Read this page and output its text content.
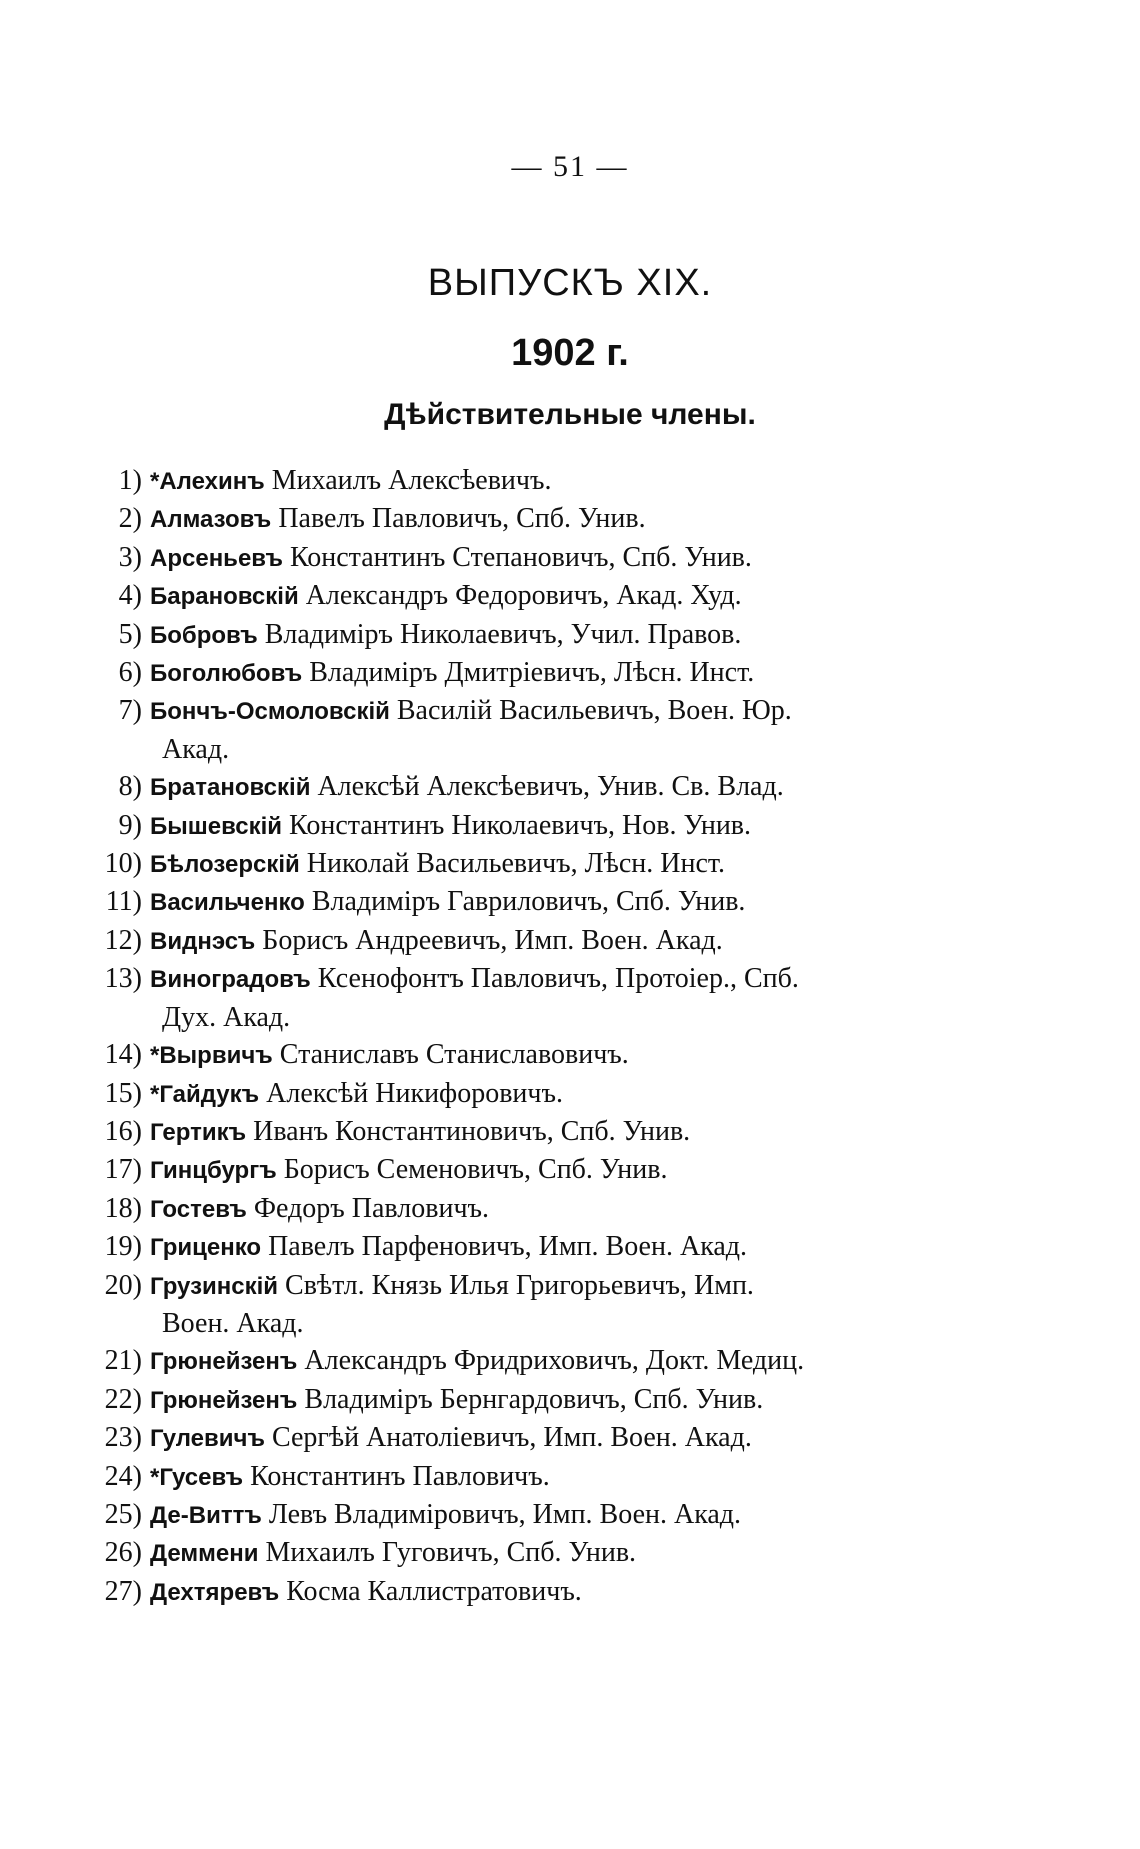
— 51 —
ВЫПУСКЪ XIX.
1902 г.
Дѣйствительные члены.
1) *Алехинъ Михаилъ Алексѣевичъ.
2) Алмазовъ Павелъ Павловичъ, Спб. Унив.
3) Арсеньевъ Константинъ Степановичъ, Спб. Унив.
4) Барановскій Александръ Федоровичъ, Акад. Худ.
5) Бобровъ Владиміръ Николаевичъ, Учил. Правов.
6) Боголюбовъ Владиміръ Дмитріевичъ, Лѣсн. Инст.
7) Бончъ-Осмоловскій Василій Васильевичъ, Воен. Юр.
Акад.
8) Братановскій Алексѣй Алексѣевичъ, Унив. Св. Влад.
9) Бышевскій Константинъ Николаевичъ, Нов. Унив.
10) Бѣлозерскій Николай Васильевичъ, Лѣсн. Инст.
11) Васильченко Владиміръ Гавриловичъ, Спб. Унив.
12) Виднэсъ Борисъ Андреевичъ, Имп. Воен. Акад.
13) Виноградовъ Ксенофонтъ Павловичъ, Протоіер., Спб.
Дух. Акад.
14) *Вырвичъ Станиславъ Станиславовичъ.
15) *Гайдукъ Алексѣй Никифоровичъ.
16) Гертикъ Иванъ Константиновичъ, Спб. Унив.
17) Гинцбургъ Борисъ Семеновичъ, Спб. Унив.
18) Гостевъ Федоръ Павловичъ.
19) Гриценко Павелъ Парфеновичъ, Имп. Воен. Акад.
20) Грузинскій Свѣтл. Князь Илья Григорьевичъ, Имп.
Воен. Акад.
21) Грюнейзенъ Александръ Фридриховичъ, Докт. Медиц.
22) Грюнейзенъ Владиміръ Бернгардовичъ, Спб. Унив.
23) Гулевичъ Сергѣй Анатоліевичъ, Имп. Воен. Акад.
24) *Гусевъ Константинъ Павловичъ.
25) Де-Виттъ Левъ Владиміровичъ, Имп. Воен. Акад.
26) Деммени Михаилъ Гуговичъ, Спб. Унив.
27) Дехтяревъ Косма Каллистратовичъ.
